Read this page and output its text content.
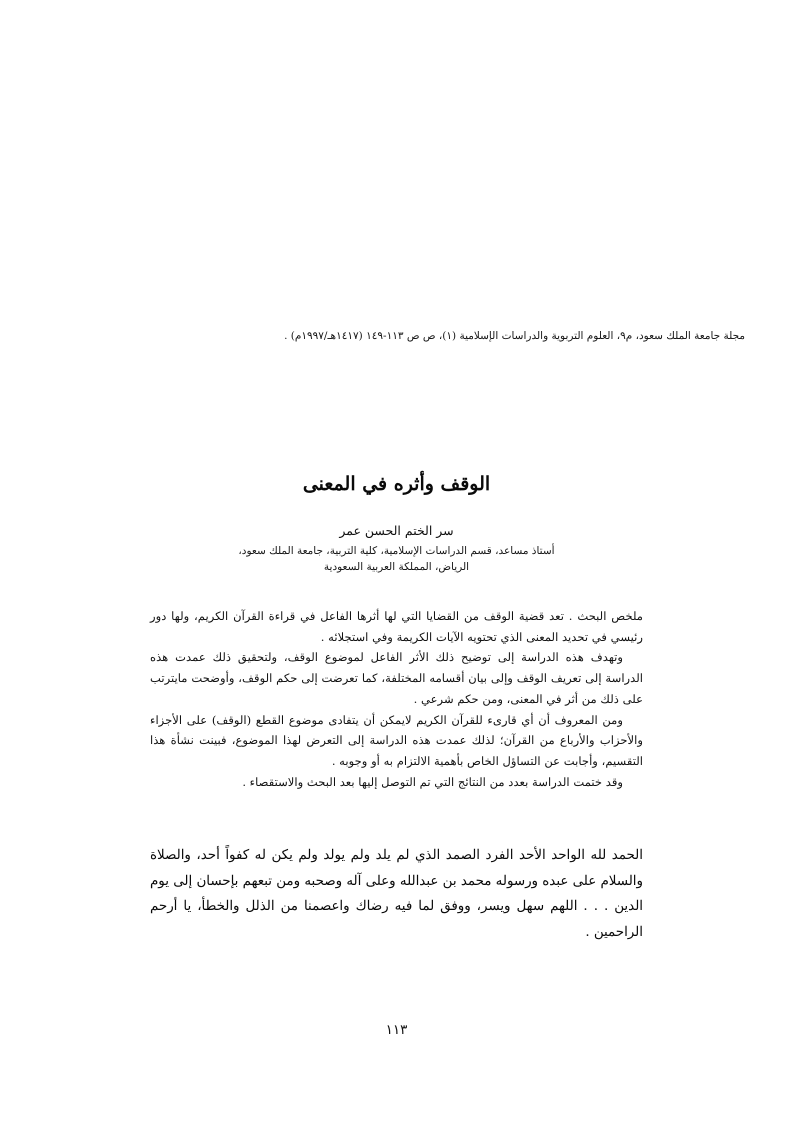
مجلة جامعة الملك سعود، م٩، العلوم التربوية والدراسات الإسلامية (١)، ص ص ١١٣-١٤٩ (١٤١٧هـ/١٩٩٧م) .
الوقف وأثره في المعنى
سر الختم الحسن عمر
أستاذ مساعد، قسم الدراسات الإسلامية، كلية التربية، جامعة الملك سعود،
الرياض، المملكة العربية السعودية

ملخص البحث . تعد قضية الوقف من القضايا التي لها أثرها الفاعل في قراءة القرآن الكريم، ولها دور رئيسي في تحديد المعنى الذي تحتويه الآيات الكريمة وفي استجلائه .

وتهدف هذه الدراسة إلى توضيح ذلك الأثر الفاعل لموضوع الوقف، ولتحقيق ذلك عمدت هذه الدراسة إلى تعريف الوقف وإلى بيان أقسامه المختلفة، كما تعرضت إلى حكم الوقف، وأوضحت مايترتب على ذلك من أثر في المعنى، ومن حكم شرعي .

ومن المعروف أن أي قارىء للقرآن الكريم لايمكن أن يتفادى موضوع القطع (الوقف) على الأجزاء والأحزاب والأرباع من القرآن؛ لذلك عمدت هذه الدراسة إلى التعرض لهذا الموضوع، فبينت نشأة هذا التقسيم، وأجابت عن التساؤل الخاص بأهمية الالتزام به أو وجوبه .

وقد ختمت الدراسة بعدد من النتائج التي تم التوصل إليها بعد البحث والاستقصاء .

الحمد لله الواحد الأحد الفرد الصمد الذي لم يلد ولم يولد ولم يكن له كفواً أحد، والصلاة والسلام على عبده ورسوله محمد بن عبدالله وعلى آله وصحبه ومن تبعهم بإحسان إلى يوم الدين . . . اللهم سهل ويسر، ووفق لما فيه رضاك واعصمنا من الذلل والخطأ، يا أرحم الراحمين .

١١٣
